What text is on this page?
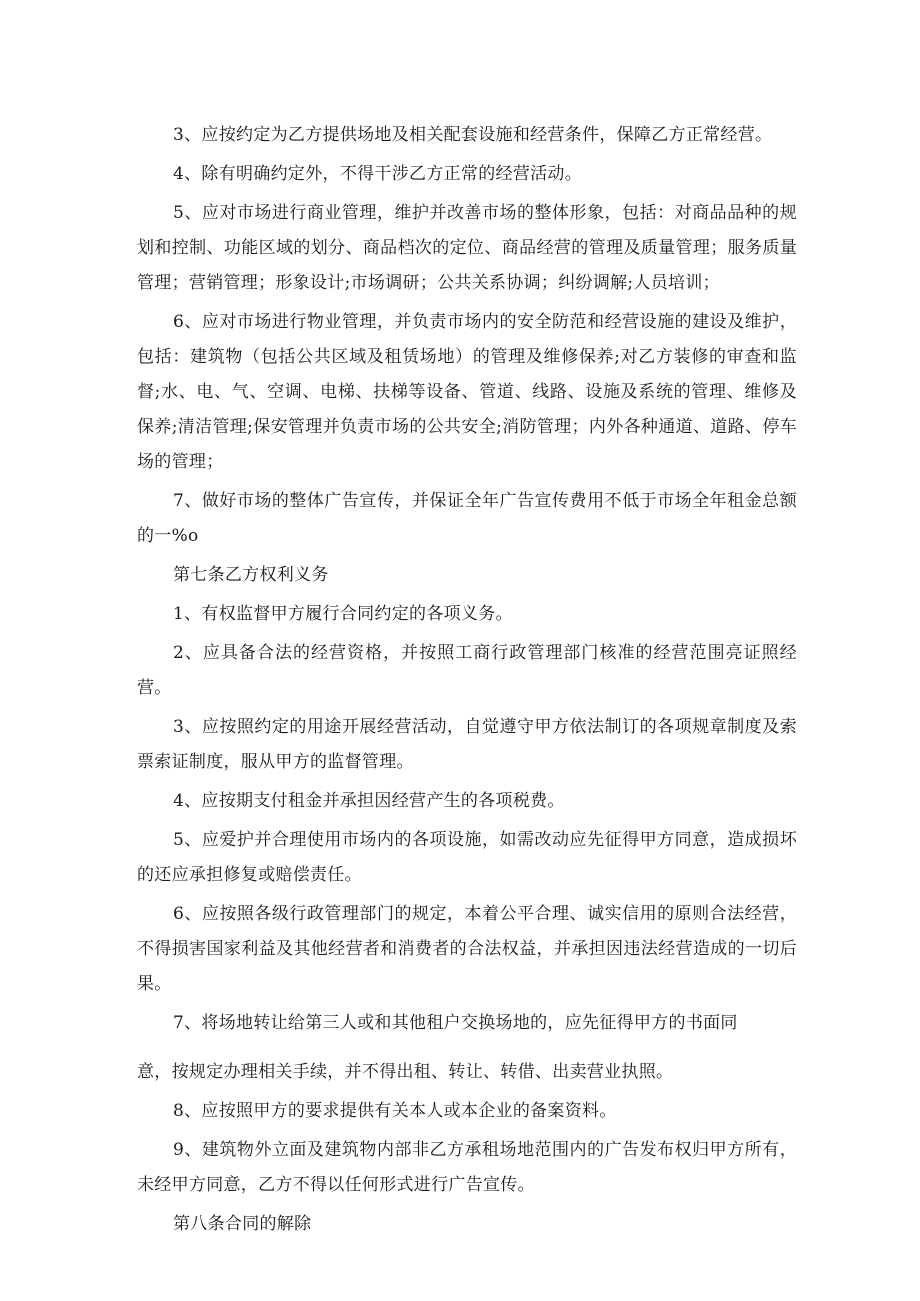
3、应按约定为乙方提供场地及相关配套设施和经营条件，保障乙方正常经营。

4、除有明确约定外，不得干涉乙方正常的经营活动。

5、应对市场进行商业管理，维护并改善市场的整体形象，包括：对商品品种的规划和控制、功能区域的划分、商品档次的定位、商品经营的管理及质量管理；服务质量管理；营销管理；形象设计;市场调研；公共关系协调；纠纷调解;人员培训；

6、应对市场进行物业管理，并负责市场内的安全防范和经营设施的建设及维护，包括：建筑物（包括公共区域及租赁场地）的管理及维修保养;对乙方装修的审查和监督;水、电、气、空调、电梯、扶梯等设备、管道、线路、设施及系统的管理、维修及保养;清洁管理;保安管理并负责市场的公共安全;消防管理；内外各种通道、道路、停车场的管理；

7、做好市场的整体广告宣传，并保证全年广告宣传费用不低于市场全年租金总额的一%o

第七条乙方权利义务

1、有权监督甲方履行合同约定的各项义务。

2、应具备合法的经营资格，并按照工商行政管理部门核准的经营范围亮证照经营。

3、应按照约定的用途开展经营活动，自觉遵守甲方依法制订的各项规章制度及索票索证制度，服从甲方的监督管理。

4、应按期支付租金并承担因经营产生的各项税费。

5、应爱护并合理使用市场内的各项设施，如需改动应先征得甲方同意，造成损坏的还应承担修复或赔偿责任。

6、应按照各级行政管理部门的规定，本着公平合理、诚实信用的原则合法经营，不得损害国家利益及其他经营者和消费者的合法权益，并承担因违法经营造成的一切后果。

7、将场地转让给第三人或和其他租户交换场地的，应先征得甲方的书面同

意，按规定办理相关手续，并不得出租、转让、转借、出卖营业执照。

8、应按照甲方的要求提供有关本人或本企业的备案资料。

9、建筑物外立面及建筑物内部非乙方承租场地范围内的广告发布权归甲方所有，未经甲方同意，乙方不得以任何形式进行广告宣传。

第八条合同的解除
